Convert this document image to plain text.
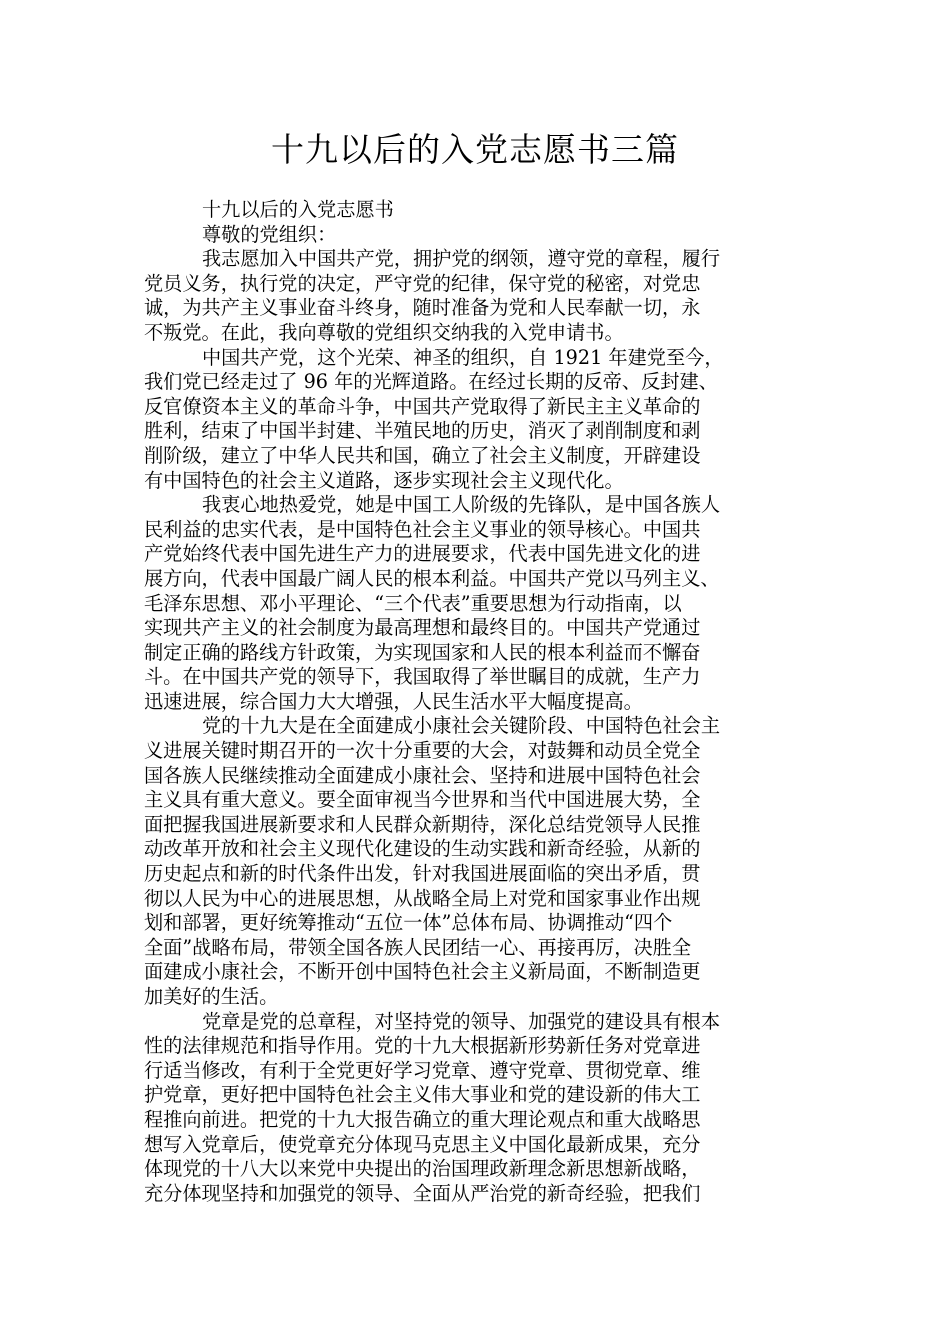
十九以后的入党志愿书三篇
十九以后的入党志愿书
尊敬的党组织：
我志愿加入中国共产党，拥护党的纲领，遵守党的章程，履行
党员义务，执行党的决定，严守党的纪律，保守党的秘密，对党忠
诚，为共产主义事业奋斗终身，随时准备为党和人民奉献一切，永
不叛党。在此，我向尊敬的党组织交纳我的入党申请书。
中国共产党，这个光荣、神圣的组织，自 1921 年建党至今，
我们党已经走过了 96 年的光辉道路。在经过长期的反帝、反封建、
反官僚资本主义的革命斗争，中国共产党取得了新民主主义革命的
胜利，结束了中国半封建、半殖民地的历史，消灭了剥削制度和剥
削阶级，建立了中华人民共和国，确立了社会主义制度，开辟建设
有中国特色的社会主义道路，逐步实现社会主义现代化。
我衷心地热爱党，她是中国工人阶级的先锋队，是中国各族人
民利益的忠实代表，是中国特色社会主义事业的领导核心。中国共
产党始终代表中国先进生产力的进展要求，代表中国先进文化的进
展方向，代表中国最广阔人民的根本利益。中国共产党以马列主义、
毛泽东思想、邓小平理论、“三个代表”重要思想为行动指南，以
实现共产主义的社会制度为最高理想和最终目的。中国共产党通过
制定正确的路线方针政策，为实现国家和人民的根本利益而不懈奋
斗。在中国共产党的领导下，我国取得了举世瞩目的成就，生产力
迅速进展，综合国力大大增强，人民生活水平大幅度提高。
党的十九大是在全面建成小康社会关键阶段、中国特色社会主
义进展关键时期召开的一次十分重要的大会，对鼓舞和动员全党全
国各族人民继续推动全面建成小康社会、坚持和进展中国特色社会
主义具有重大意义。要全面审视当今世界和当代中国进展大势，全
面把握我国进展新要求和人民群众新期待，深化总结党领导人民推
动改革开放和社会主义现代化建设的生动实践和新奇经验，从新的
历史起点和新的时代条件出发，针对我国进展面临的突出矛盾，贯
彻以人民为中心的进展思想，从战略全局上对党和国家事业作出规
划和部署，更好统筹推动“五位一体”总体布局、协调推动“四个
全面”战略布局，带领全国各族人民团结一心、再接再厉，决胜全
面建成小康社会，不断开创中国特色社会主义新局面，不断制造更
加美好的生活。
党章是党的总章程，对坚持党的领导、加强党的建设具有根本
性的法律规范和指导作用。党的十九大根据新形势新任务对党章进
行适当修改，有利于全党更好学习党章、遵守党章、贯彻党章、维
护党章，更好把中国特色社会主义伟大事业和党的建设新的伟大工
程推向前进。把党的十九大报告确立的重大理论观点和重大战略思
想写入党章后，使党章充分体现马克思主义中国化最新成果，充分
体现党的十八大以来党中央提出的治国理政新理念新思想新战略，
充分体现坚持和加强党的领导、全面从严治党的新奇经验，把我们
